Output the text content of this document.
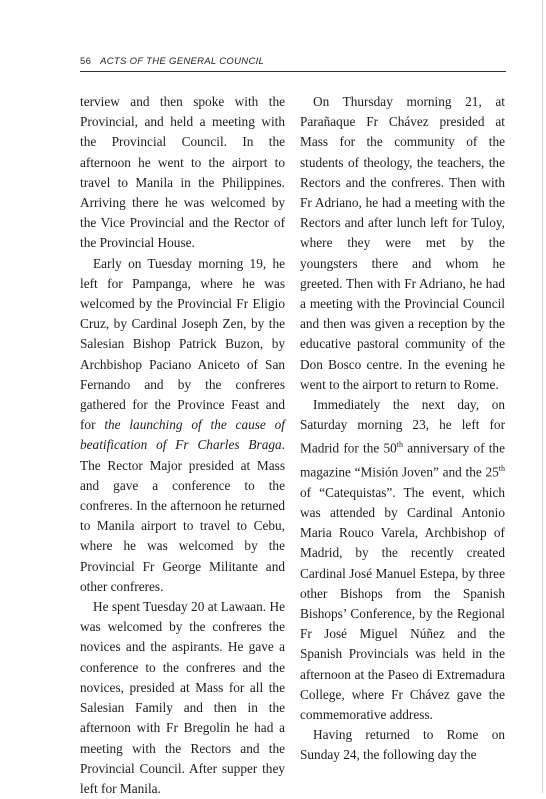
56 ACTS OF THE GENERAL COUNCIL

terview and then spoke with the Provincial, and held a meeting with the Provincial Council. In the afternoon he went to the airport to travel to Manila in the Philippines. Arriving there he was welcomed by the Vice Provincial and the Rector of the Provincial House.

Early on Tuesday morning 19, he left for Pampanga, where he was welcomed by the Provincial Fr Eligio Cruz, by Cardinal Joseph Zen, by the Salesian Bishop Patrick Buzon, by Archbishop Paciano Aniceto of San Fernando and by the confreres gathered for the Province Feast and for the launching of the cause of beatification of Fr Charles Braga. The Rector Major presided at Mass and gave a conference to the confreres. In the afternoon he returned to Manila airport to travel to Cebu, where he was welcomed by the Provincial Fr George Militante and other confreres.

He spent Tuesday 20 at Lawaan. He was welcomed by the confreres the novices and the aspirants. He gave a conference to the confreres and the novices, presided at Mass for all the Salesian Family and then in the afternoon with Fr Bregolin he had a meeting with the Rectors and the Provincial Council. After supper they left for Manila.

On Thursday morning 21, at Parañaque Fr Chávez presided at Mass for the community of the students of theology, the teachers, the Rectors and the confreres. Then with Fr Adriano, he had a meeting with the Rectors and after lunch left for Tuloy, where they were met by the youngsters there and whom he greeted. Then with Fr Adriano, he had a meeting with the Provincial Council and then was given a reception by the educative pastoral community of the Don Bosco centre. In the evening he went to the airport to return to Rome.

Immediately the next day, on Saturday morning 23, he left for Madrid for the 50th anniversary of the magazine “Misión Joven” and the 25th of “Catequistas”. The event, which was attended by Cardinal Antonio Maria Rouco Varela, Archbishop of Madrid, by the recently created Cardinal José Manuel Estepa, by three other Bishops from the Spanish Bishops’ Conference, by the Regional Fr José Miguel Núñez and the Spanish Provincials was held in the afternoon at the Paseo di Extremadura College, where Fr Chávez gave the commemorative address.

Having returned to Rome on Sunday 24, the following day the
